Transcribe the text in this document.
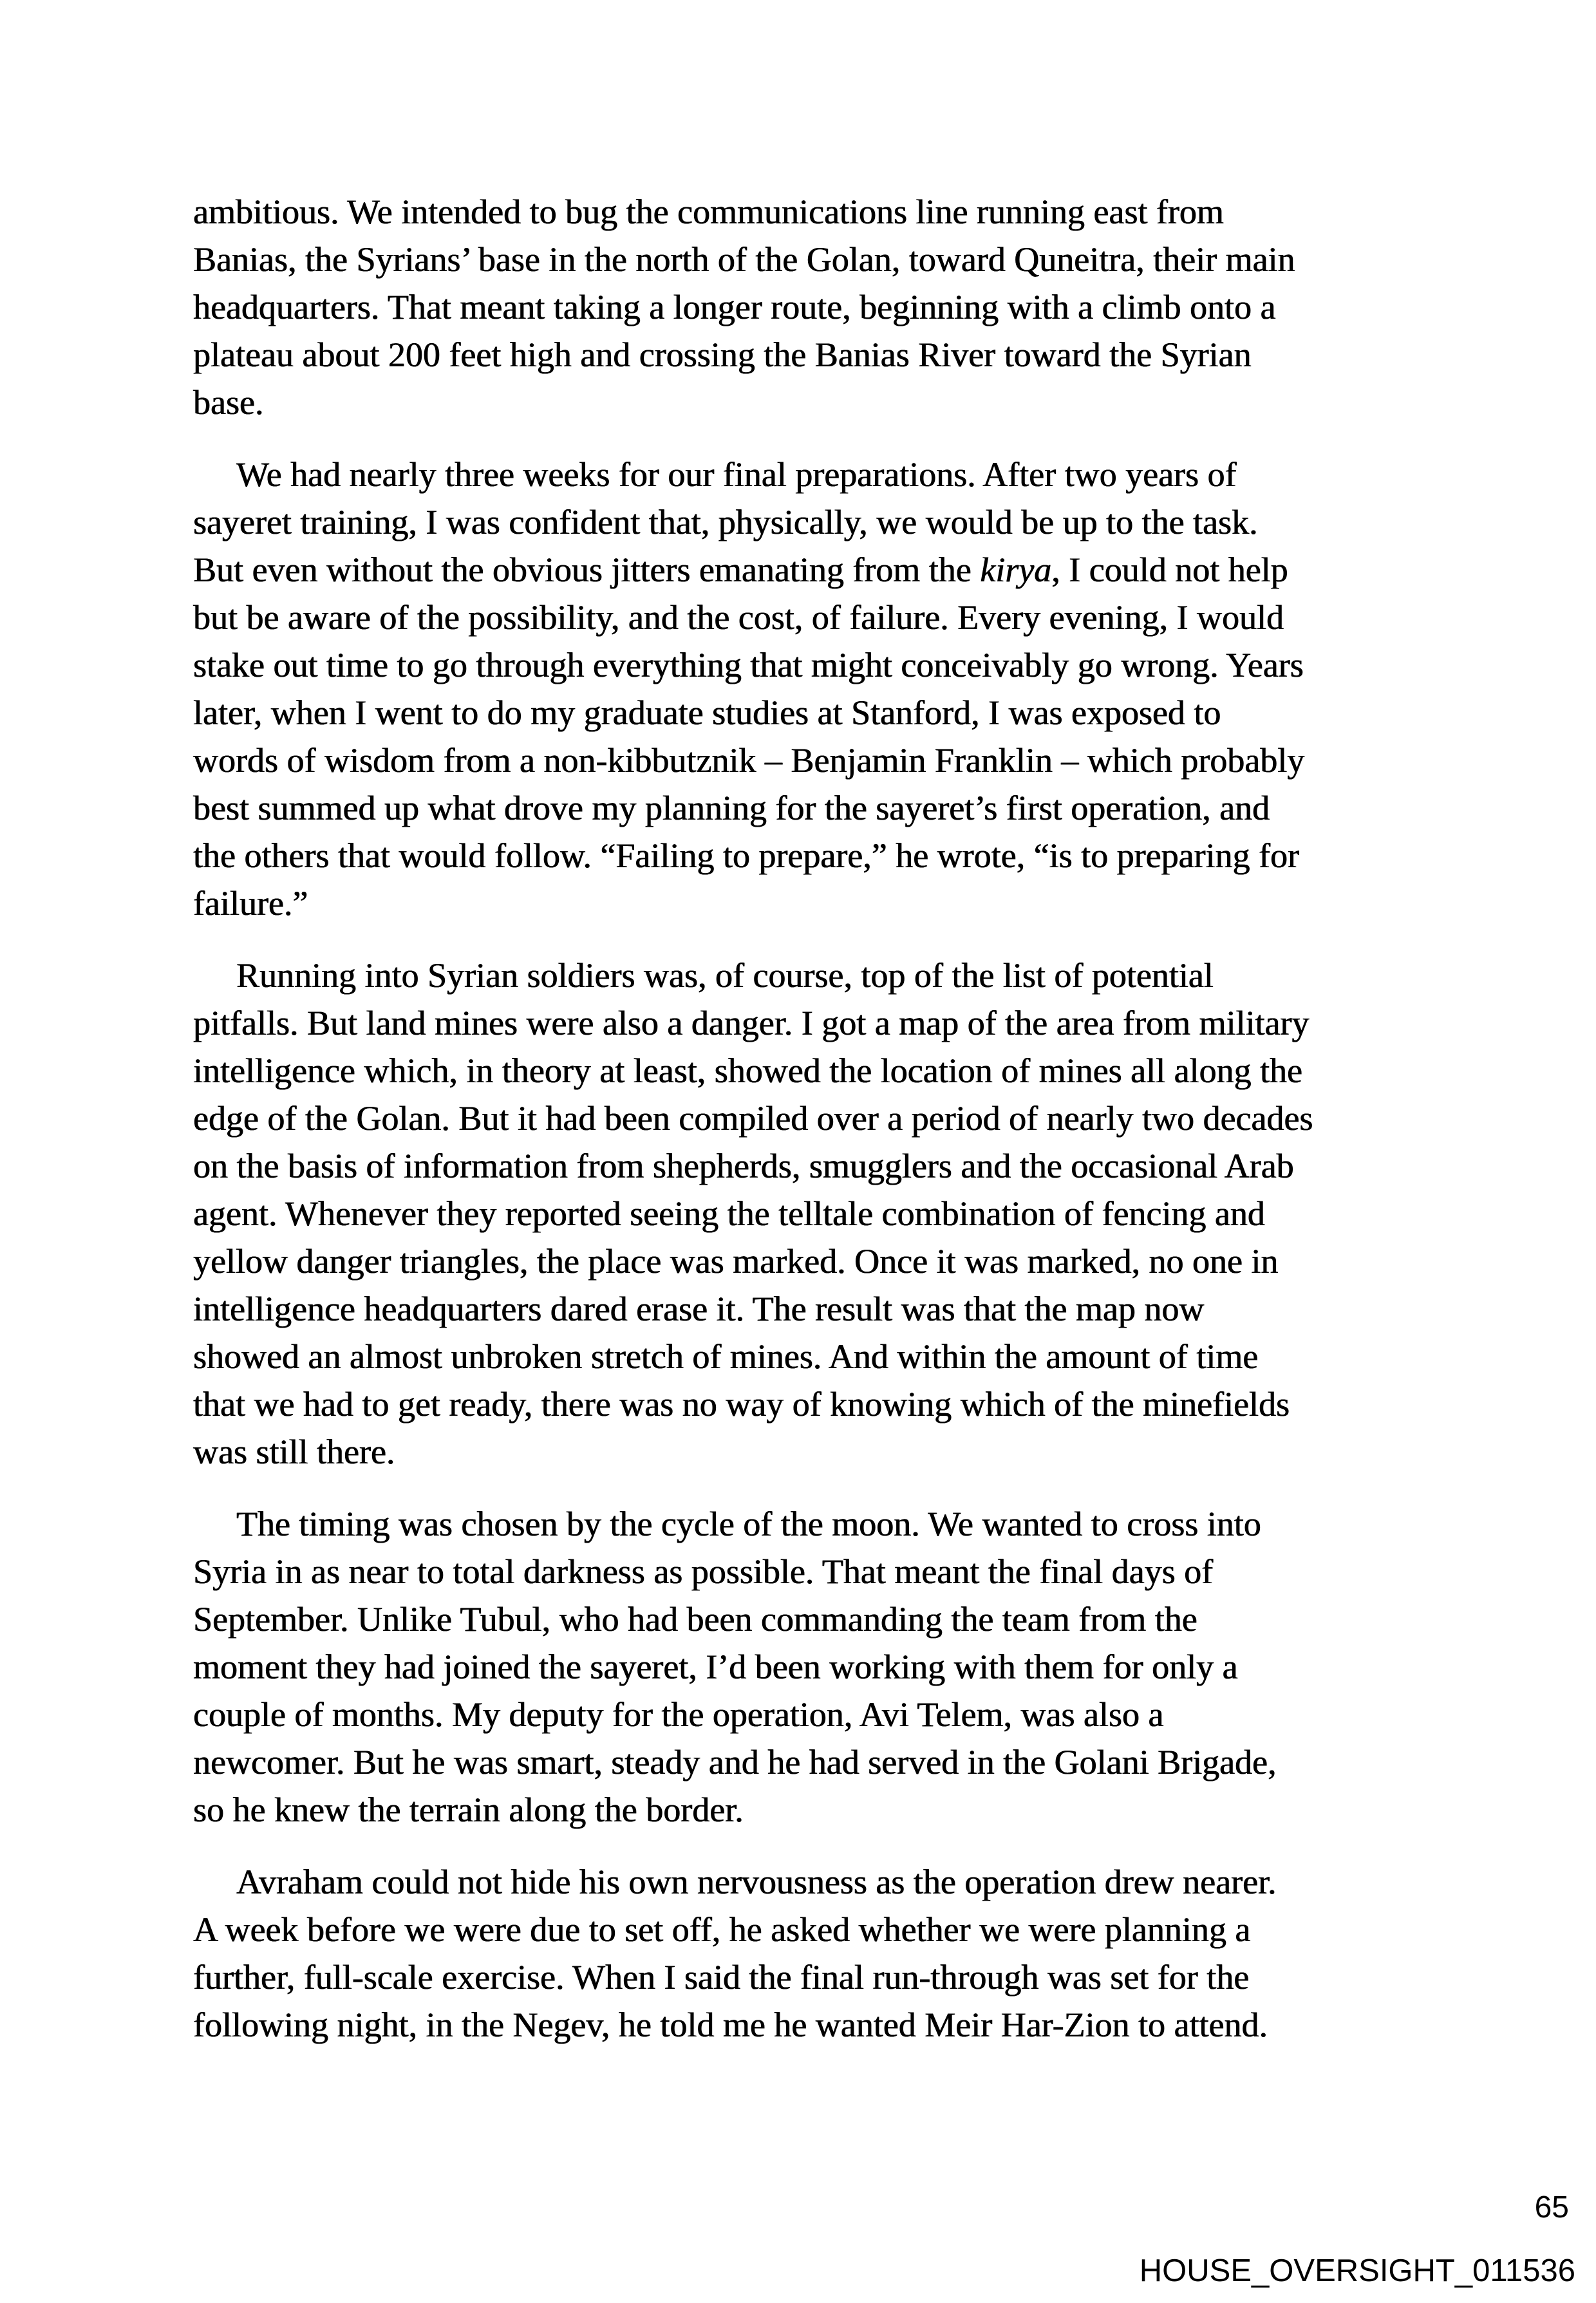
ambitious. We intended to bug the communications line running east from
Banias, the Syrians’ base in the north of the Golan, toward Quneitra, their main
headquarters. That meant taking a longer route, beginning with a climb onto a
plateau about 200 feet high and crossing the Banias River toward the Syrian
base.
We had nearly three weeks for our final preparations. After two years of
sayeret training, I was confident that, physically, we would be up to the task.
But even without the obvious jitters emanating from the kirya, I could not help
but be aware of the possibility, and the cost, of failure. Every evening, I would
stake out time to go through everything that might conceivably go wrong. Years
later, when I went to do my graduate studies at Stanford, I was exposed to
words of wisdom from a non-kibbutznik – Benjamin Franklin – which probably
best summed up what drove my planning for the sayeret’s first operation, and
the others that would follow. “Failing to prepare,” he wrote, “is to preparing for
failure.”
Running into Syrian soldiers was, of course, top of the list of potential
pitfalls. But land mines were also a danger. I got a map of the area from military
intelligence which, in theory at least, showed the location of mines all along the
edge of the Golan. But it had been compiled over a period of nearly two decades
on the basis of information from shepherds, smugglers and the occasional Arab
agent. Whenever they reported seeing the telltale combination of fencing and
yellow danger triangles, the place was marked. Once it was marked, no one in
intelligence headquarters dared erase it. The result was that the map now
showed an almost unbroken stretch of mines. And within the amount of time
that we had to get ready, there was no way of knowing which of the minefields
was still there.
The timing was chosen by the cycle of the moon. We wanted to cross into
Syria in as near to total darkness as possible. That meant the final days of
September. Unlike Tubul, who had been commanding the team from the
moment they had joined the sayeret, I’d been working with them for only a
couple of months. My deputy for the operation, Avi Telem, was also a
newcomer. But he was smart, steady and he had served in the Golani Brigade,
so he knew the terrain along the border.
Avraham could not hide his own nervousness as the operation drew nearer.
A week before we were due to set off, he asked whether we were planning a
further, full-scale exercise. When I said the final run-through was set for the
following night, in the Negev, he told me he wanted Meir Har-Zion to attend.
65
HOUSE_OVERSIGHT_011536
